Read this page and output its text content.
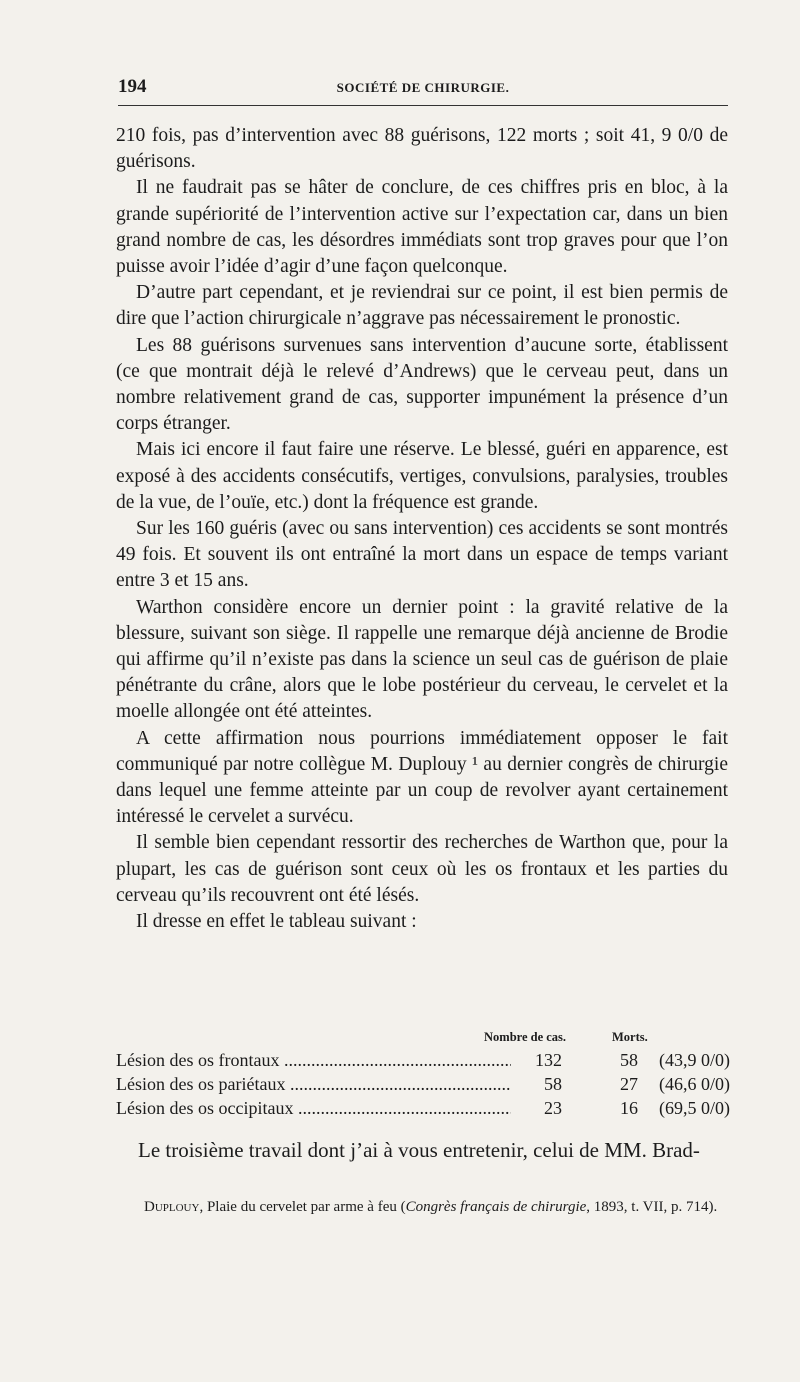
194	SOCIÉTÉ DE CHIRURGIE.

210 fois, pas d’intervention avec 88 guérisons, 122 morts ; soit 41, 9 0/0 de guérisons.

Il ne faudrait pas se hâter de conclure, de ces chiffres pris en bloc, à la grande supériorité de l’intervention active sur l’expectation car, dans un bien grand nombre de cas, les désordres immédiats sont trop graves pour que l’on puisse avoir l’idée d’agir d’une façon quelconque.

D’autre part cependant, et je reviendrai sur ce point, il est bien permis de dire que l’action chirurgicale n’aggrave pas nécessairement le pronostic.

Les 88 guérisons survenues sans intervention d’aucune sorte, établissent (ce que montrait déjà le relevé d’Andrews) que le cerveau peut, dans un nombre relativement grand de cas, supporter impunément la présence d’un corps étranger.

Mais ici encore il faut faire une réserve. Le blessé, guéri en apparence, est exposé à des accidents consécutifs, vertiges, convulsions, paralysies, troubles de la vue, de l’ouïe, etc.) dont la fréquence est grande.

Sur les 160 guéris (avec ou sans intervention) ces accidents se sont montrés 49 fois. Et souvent ils ont entraîné la mort dans un espace de temps variant entre 3 et 15 ans.

Warthon considère encore un dernier point : la gravité relative de la blessure, suivant son siège. Il rappelle une remarque déjà ancienne de Brodie qui affirme qu’il n’existe pas dans la science un seul cas de guérison de plaie pénétrante du crâne, alors que le lobe postérieur du cerveau, le cervelet et la moelle allongée ont été atteintes.

A cette affirmation nous pourrions immédiatement opposer le fait communiqué par notre collègue M. Duplouy ¹ au dernier congrès de chirurgie dans lequel une femme atteinte par un coup de revolver ayant certainement intéressé le cervelet a survécu.

Il semble bien cependant ressortir des recherches de Warthon que, pour la plupart, les cas de guérison sont ceux où les os frontaux et les parties du cerveau qu’ils recouvrent ont été lésés.

Il dresse en effet le tableau suivant :

Nombre de cas.	Morts.
Lésion des os frontaux .....	132	58 (43,9 0/0)
Lésion des os pariétaux .....	58	27 (46,6 0/0)
Lésion des os occipitaux .....	23	16 (69,5 0/0)
Le troisième travail dont j’ai à vous entretenir, celui de MM. Brad-
Duplouy, Plaie du cervelet par arme à feu (Congrès français de chirurgie, 1893, t. VII, p. 714).
